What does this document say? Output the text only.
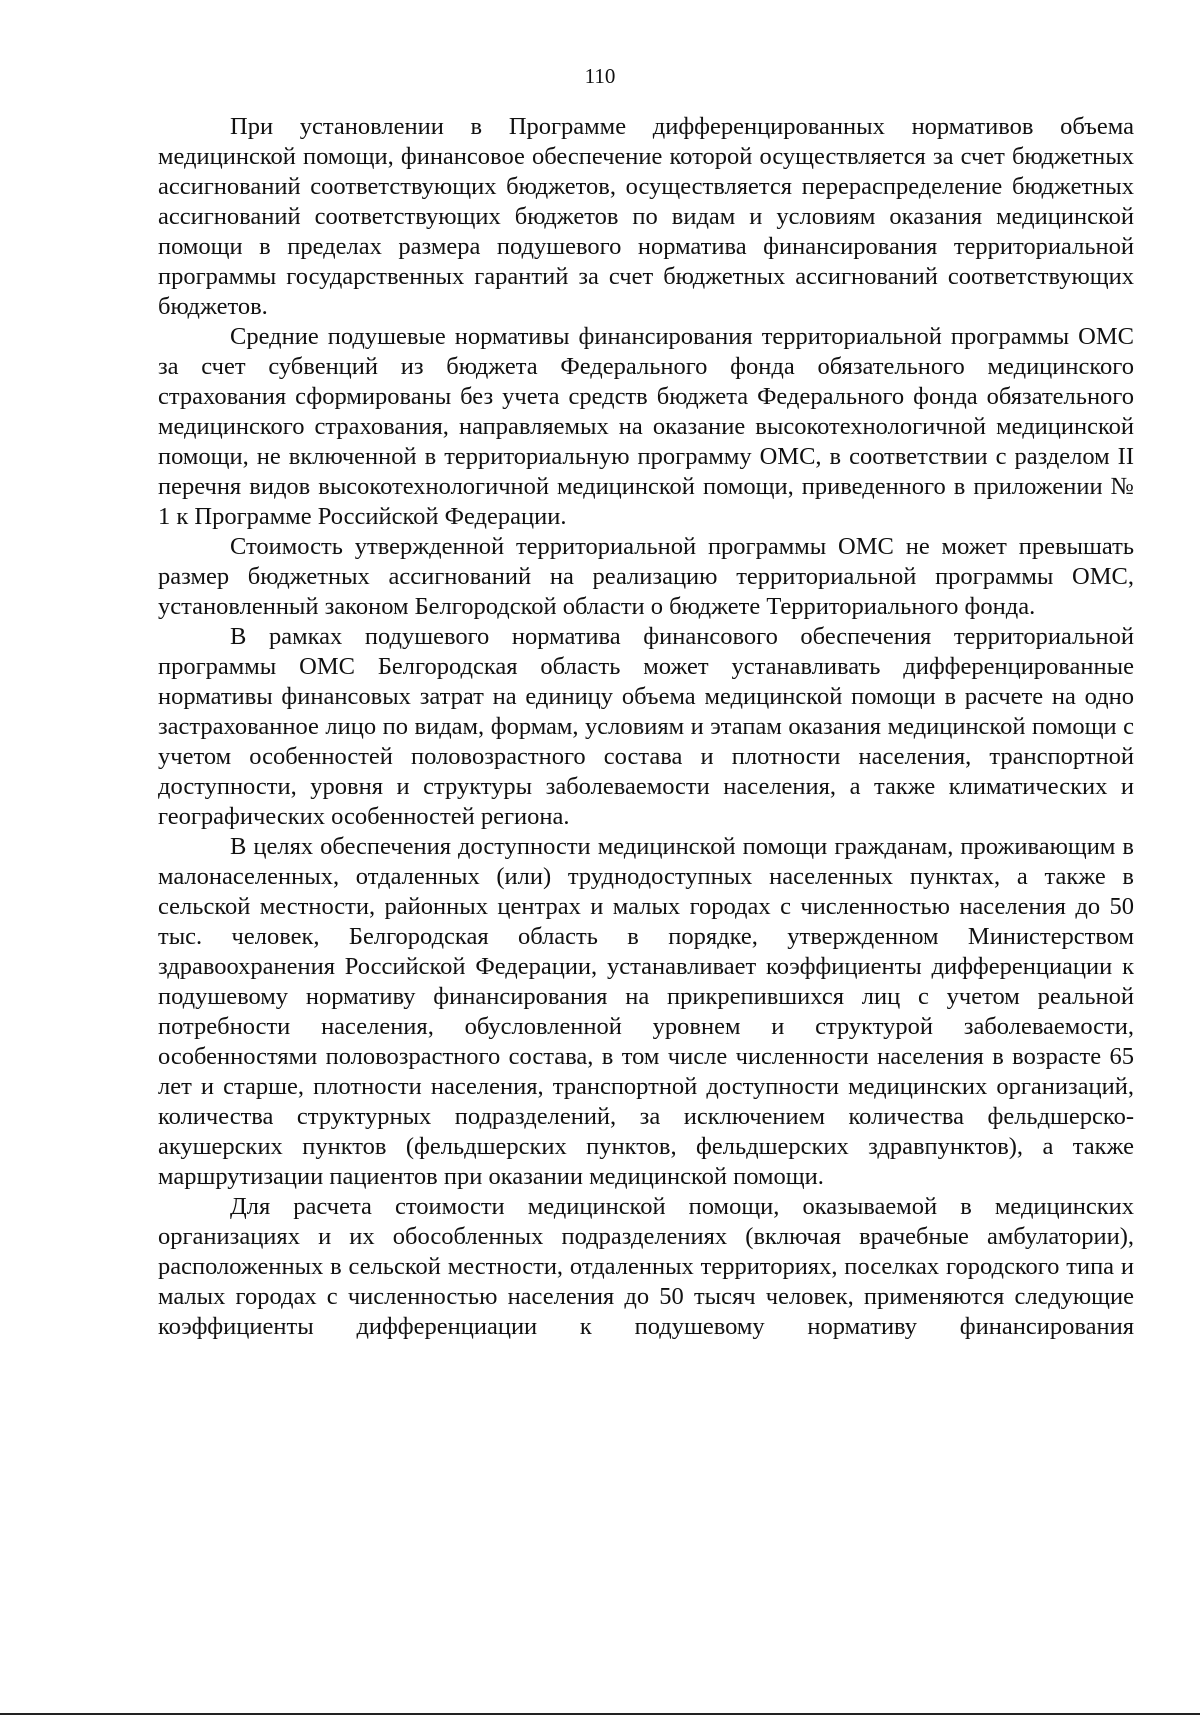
110

При установлении в Программе дифференцированных нормативов объема медицинской помощи, финансовое обеспечение которой осуществляется за счет бюджетных ассигнований соответствующих бюджетов, осуществляется перераспределение бюджетных ассигнований соответствующих бюджетов по видам и условиям оказания медицинской помощи в пределах размера подушевого норматива финансирования территориальной программы государственных гарантий за счет бюджетных ассигнований соответствующих бюджетов.

Средние подушевые нормативы финансирования территориальной программы ОМС за счет субвенций из бюджета Федерального фонда обязательного медицинского страхования сформированы без учета средств бюджета Федерального фонда обязательного медицинского страхования, направляемых на оказание высокотехнологичной медицинской помощи, не включенной в территориальную программу ОМС, в соответствии с разделом II перечня видов высокотехнологичной медицинской помощи, приведенного в приложении № 1 к Программе Российской Федерации.

Стоимость утвержденной территориальной программы ОМС не может превышать размер бюджетных ассигнований на реализацию территориальной программы ОМС, установленный законом Белгородской области о бюджете Территориального фонда.

В рамках подушевого норматива финансового обеспечения территориальной программы ОМС Белгородская область может устанавливать дифференцированные нормативы финансовых затрат на единицу объема медицинской помощи в расчете на одно застрахованное лицо по видам, формам, условиям и этапам оказания медицинской помощи с учетом особенностей половозрастного состава и плотности населения, транспортной доступности, уровня и структуры заболеваемости населения, а также климатических и географических особенностей региона.

В целях обеспечения доступности медицинской помощи гражданам, проживающим в малонаселенных, отдаленных (или) труднодоступных населенных пунктах, а также в сельской местности, районных центрах и малых городах с численностью населения до 50 тыс. человек, Белгородская область в порядке, утвержденном Министерством здравоохранения Российской Федерации, устанавливает коэффициенты дифференциации к подушевому нормативу финансирования на прикрепившихся лиц с учетом реальной потребности населения, обусловленной уровнем и структурой заболеваемости, особенностями половозрастного состава, в том числе численности населения в возрасте 65 лет и старше, плотности населения, транспортной доступности медицинских организаций, количества структурных подразделений, за исключением количества фельдшерско-акушерских пунктов (фельдшерских пунктов, фельдшерских здравпунктов), а также маршрутизации пациентов при оказании медицинской помощи.

Для расчета стоимости медицинской помощи, оказываемой в медицинских организациях и их обособленных подразделениях (включая врачебные амбулатории), расположенных в сельской местности, отдаленных территориях, поселках городского типа и малых городах с численностью населения до 50 тысяч человек, применяются следующие коэффициенты дифференциации к подушевому нормативу финансирования
